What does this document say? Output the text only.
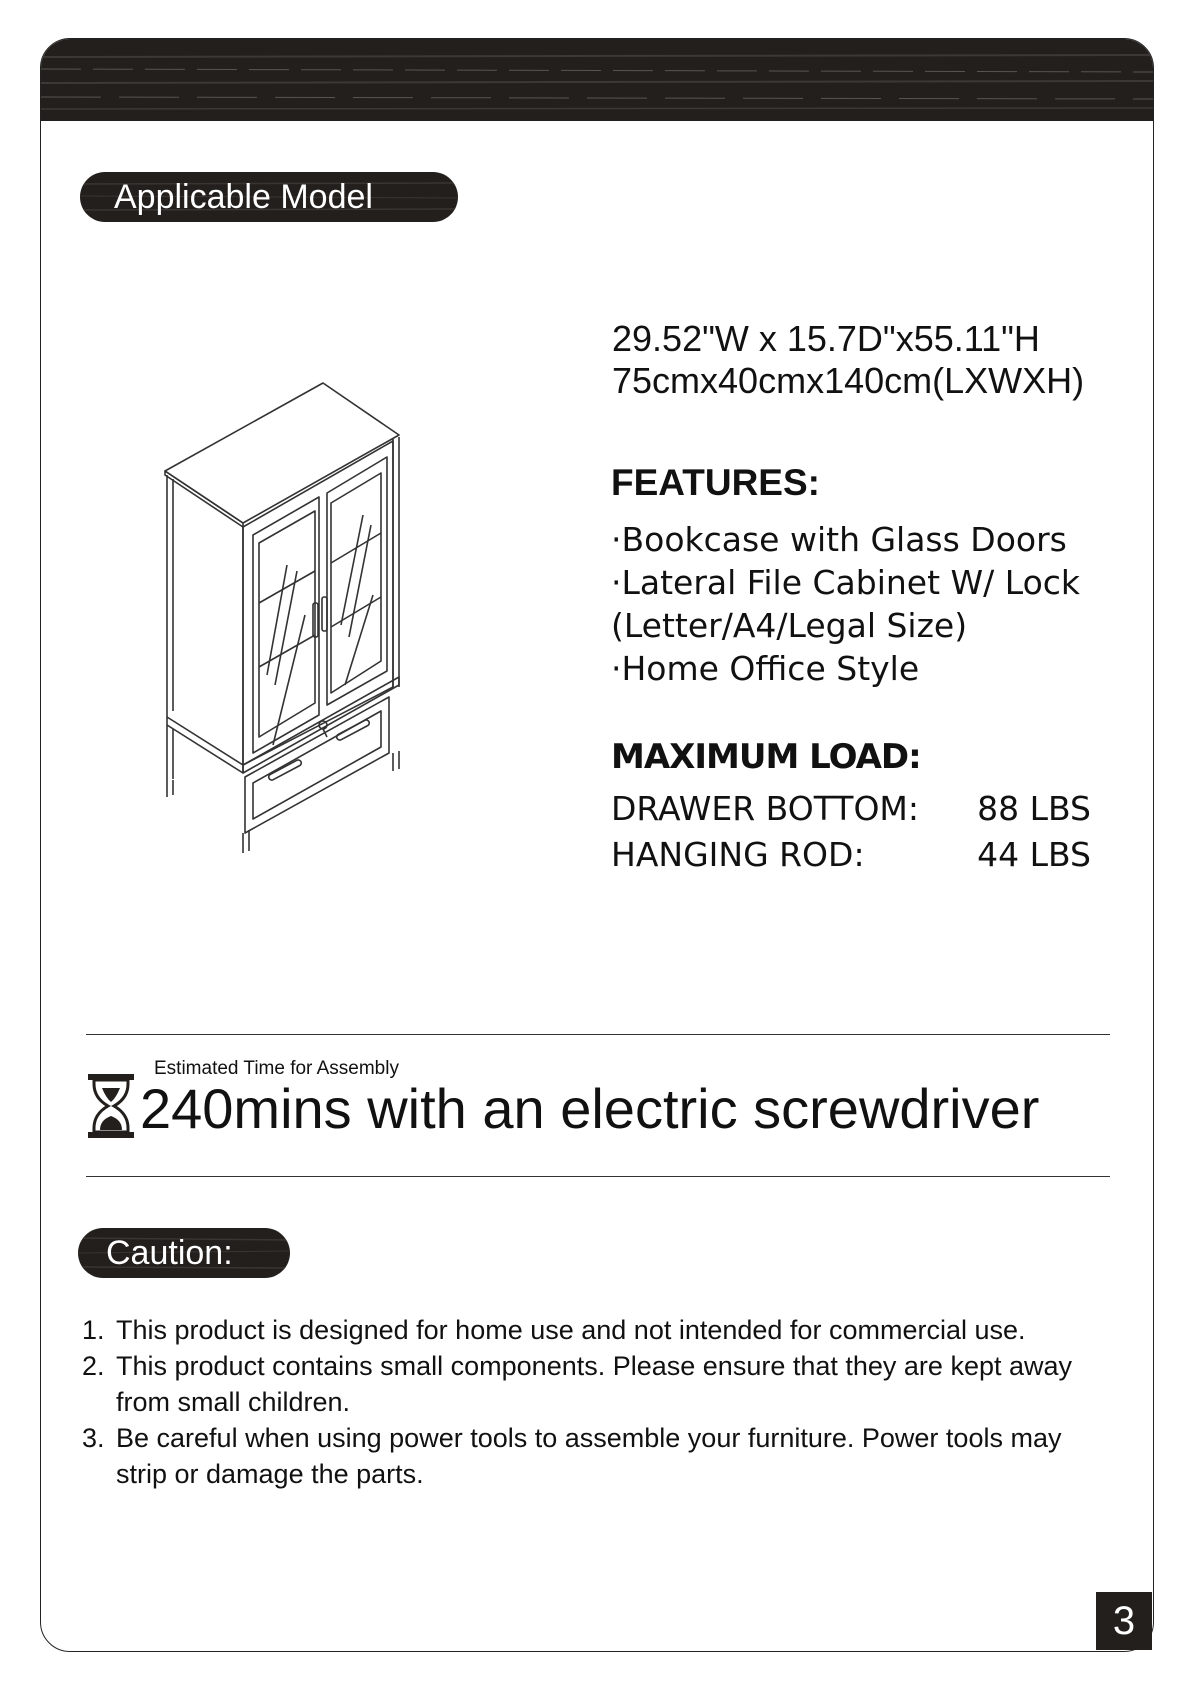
Applicable Model
29.52"W x 15.7D"x55.11"H
75cmx40cmx140cm(LXWXH)
FEATURES:
·Bookcase with Glass Doors
·Lateral File Cabinet W/ Lock
(Letter/A4/Legal Size)
·Home Office Style
MAXIMUM LOAD:
DRAWER BOTTOM: 88 LBS
HANGING ROD:	44 LBS
Estimated Time for Assembly
240mins with an electric screwdriver
Caution:
1. This product is designed for home use and not intended for commercial use.
2. This product contains small components. Please ensure that they are kept away from small children.
3. Be careful when using power tools to assemble your furniture. Power tools may strip or damage the parts.
3
